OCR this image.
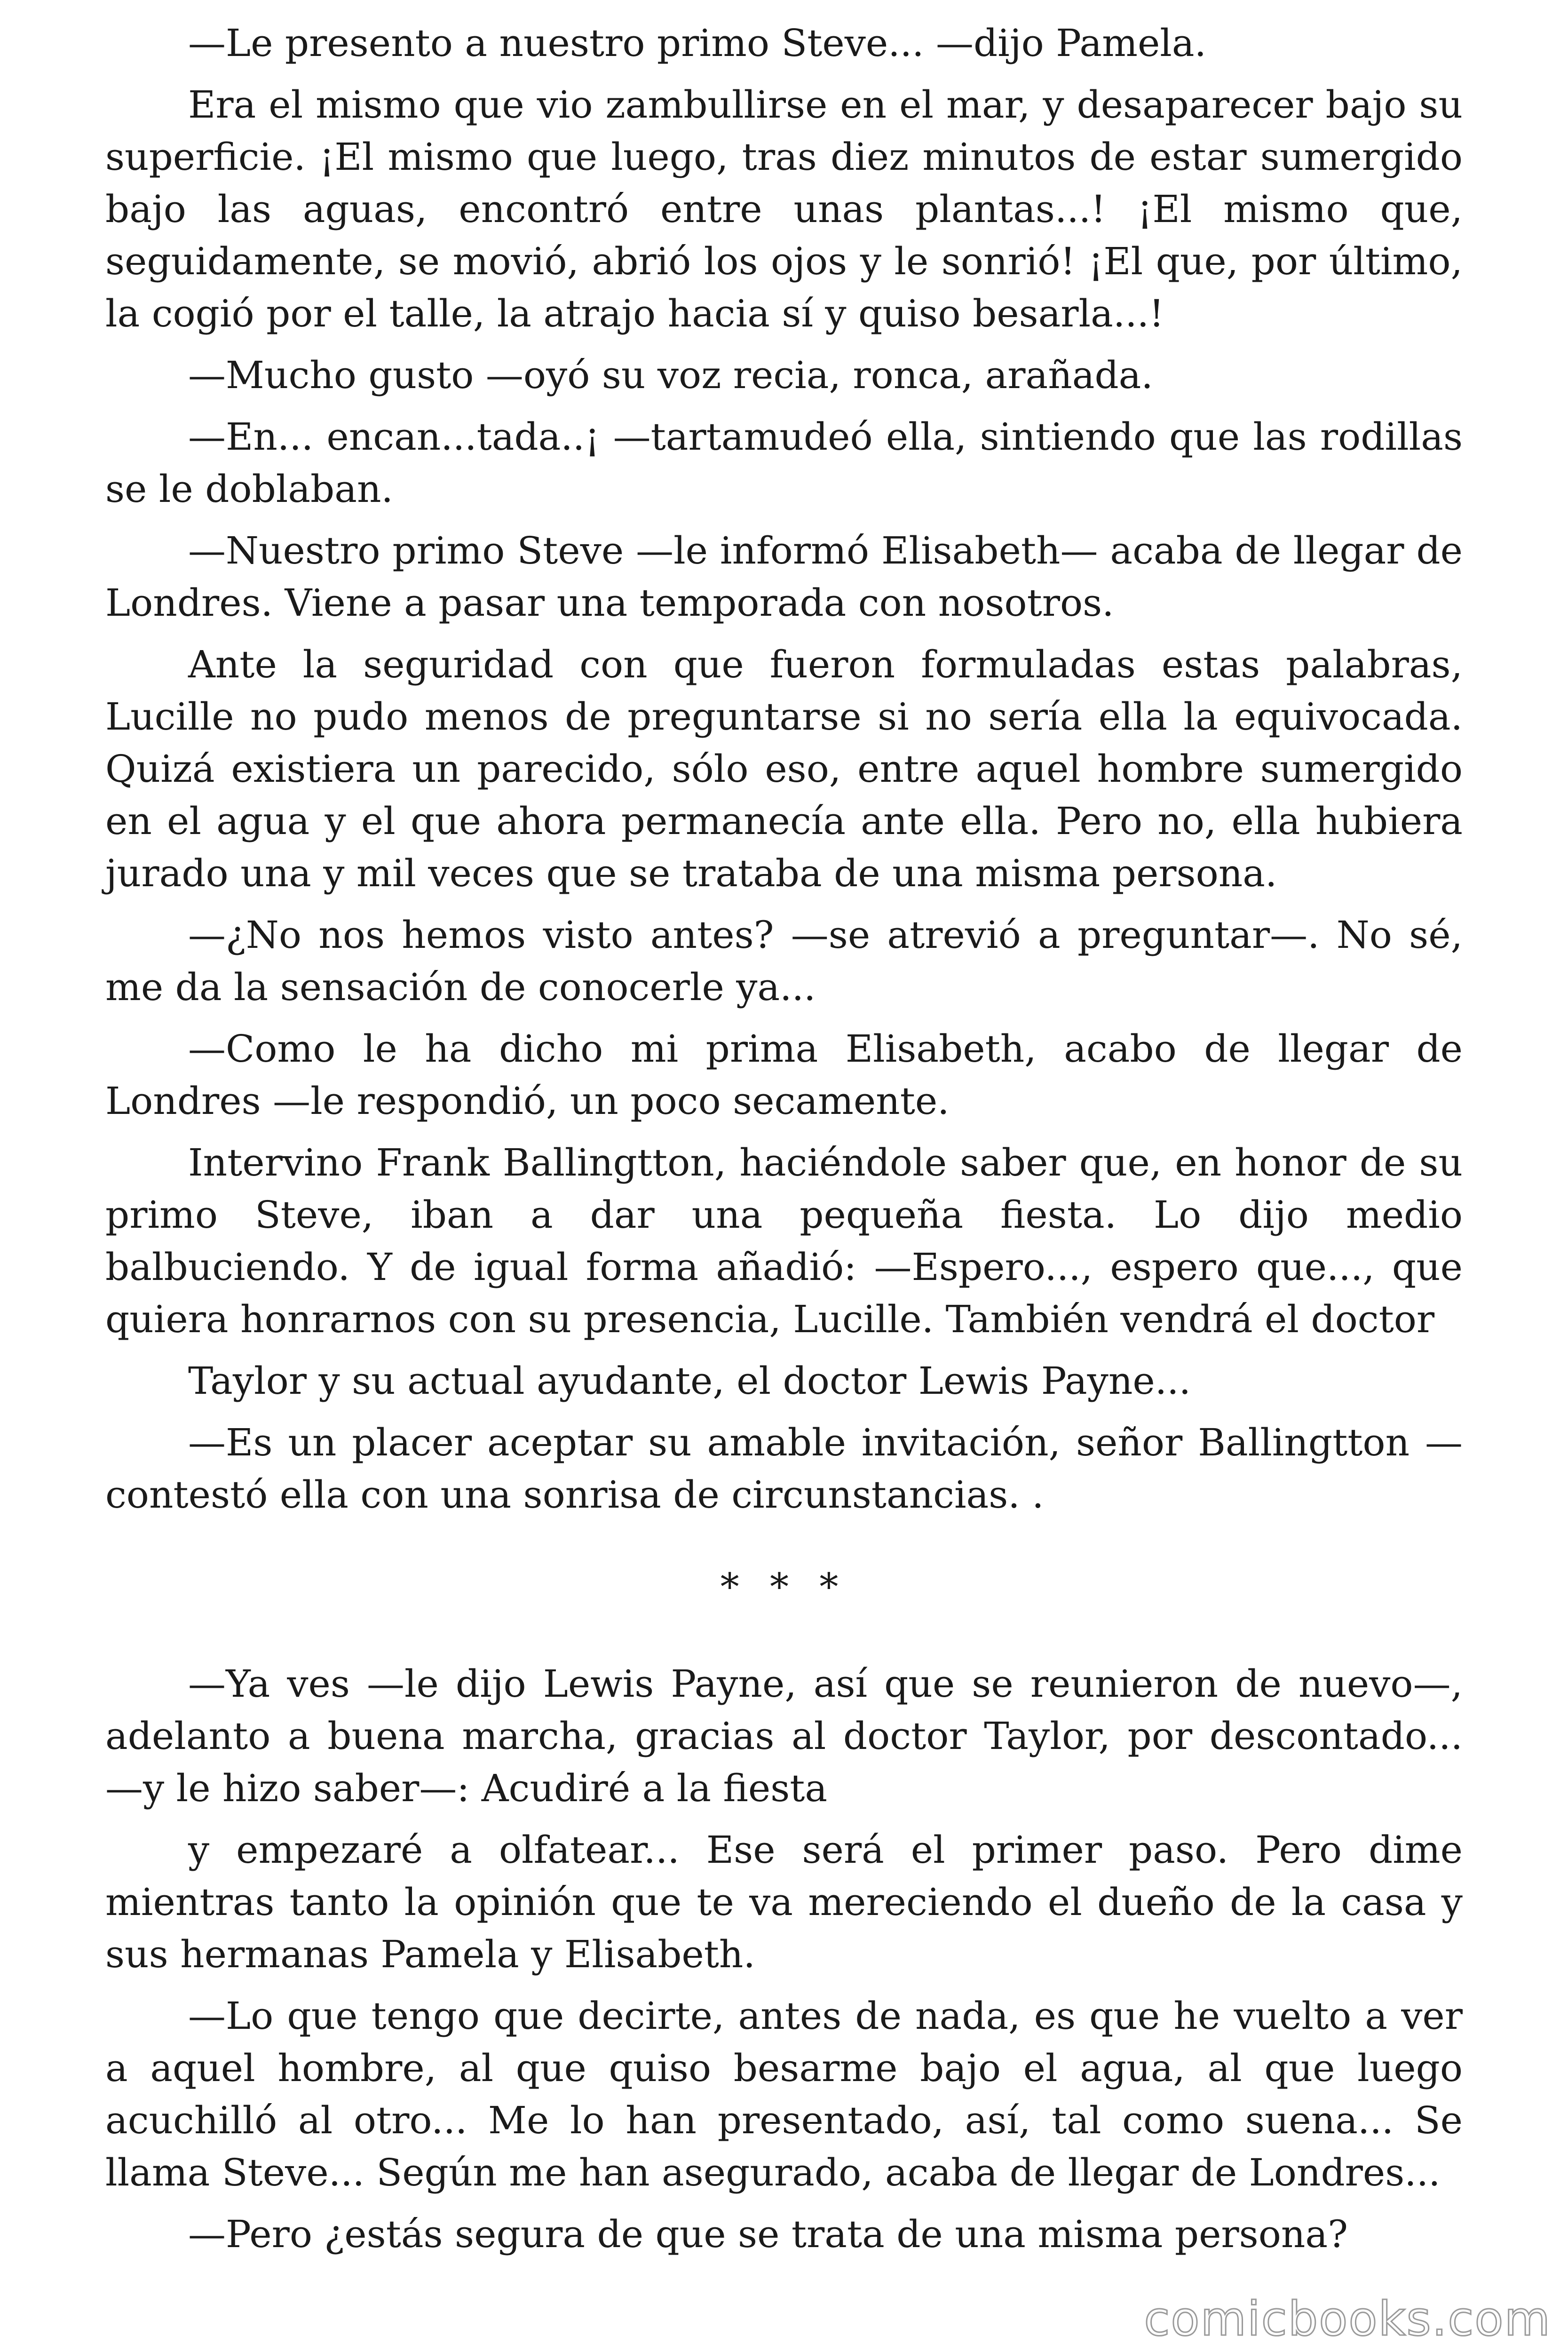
—Le presento a nuestro primo Steve... —dijo Pamela.

Era el mismo que vio zambullirse en el mar, y desaparecer bajo su superficie. ¡El mismo que luego, tras diez minutos de estar sumergido bajo las aguas, encontró entre unas plantas...! ¡El mismo que, seguidamente, se movió, abrió los ojos y le sonrió! ¡El que, por último, la cogió por el talle, la atrajo hacia sí y quiso besarla...!

—Mucho gusto —oyó su voz recia, ronca, arañada.

—En... encan...tada..¡ —tartamudeó ella, sintiendo que las rodillas se le doblaban.

—Nuestro primo Steve —le informó Elisabeth— acaba de llegar de Londres. Viene a pasar una temporada con nosotros.

Ante la seguridad con que fueron formuladas estas palabras, Lucille no pudo menos de preguntarse si no sería ella la equivocada. Quizá existiera un parecido, sólo eso, entre aquel hombre sumergido en el agua y el que ahora permanecía ante ella. Pero no, ella hubiera jurado una y mil veces que se trataba de una misma persona.

—¿No nos hemos visto antes? —se atrevió a preguntar—. No sé, me da la sensación de conocerle ya...

—Como le ha dicho mi prima Elisabeth, acabo de llegar de Londres —le respondió, un poco secamente.

Intervino Frank Ballingtton, haciéndole saber que, en honor de su primo Steve, iban a dar una pequeña fiesta. Lo dijo medio balbuciendo. Y de igual forma añadió: —Espero..., espero que..., que quiera honrarnos con su presencia, Lucille. También vendrá el doctor

Taylor y su actual ayudante, el doctor Lewis Payne...

—Es un placer aceptar su amable invitación, señor Ballingtton —contestó ella con una sonrisa de circunstancias. .

* * *

—Ya ves —le dijo Lewis Payne, así que se reunieron de nuevo—, adelanto a buena marcha, gracias al doctor Taylor, por descontado... —y le hizo saber—: Acudiré a la fiesta

y empezaré a olfatear... Ese será el primer paso. Pero dime mientras tanto la opinión que te va mereciendo el dueño de la casa y sus hermanas Pamela y Elisabeth.

—Lo que tengo que decirte, antes de nada, es que he vuelto a ver a aquel hombre, al que quiso besarme bajo el agua, al que luego acuchilló al otro... Me lo han presentado, así, tal como suena... Se llama Steve... Según me han asegurado, acaba de llegar de Londres...

—Pero ¿estás segura de que se trata de una misma persona?

comicbooks.com
